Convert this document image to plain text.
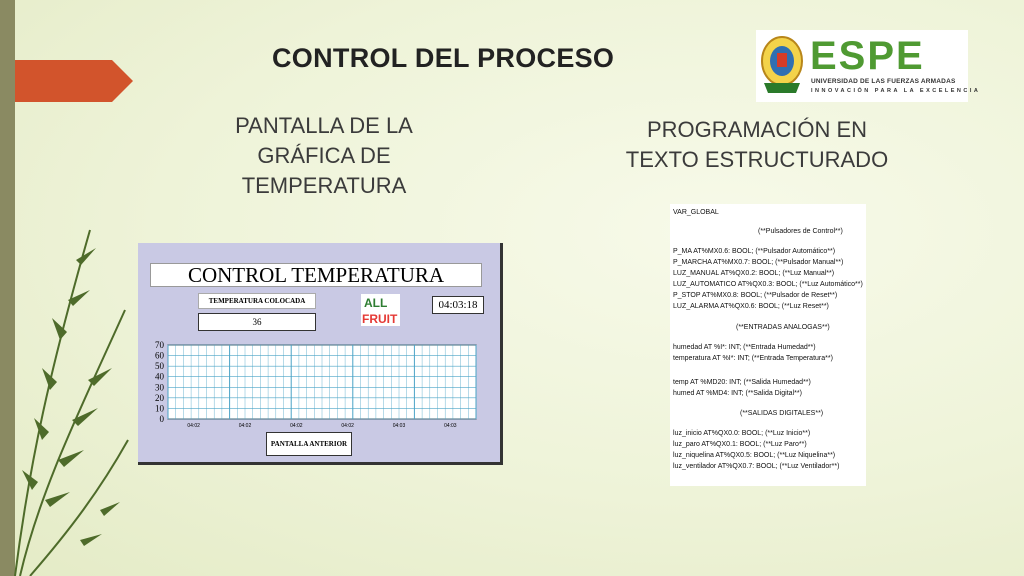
CONTROL DEL PROCESO	ESPE
UNIVERSIDAD DE LAS FUERZAS ARMADAS
INNOVACIÓN PARA LA EXCELENCIA
PANTALLA DE LA
GRÁFICA DE
TEMPERATURA
PROGRAMACIÓN EN
TEXTO ESTRUCTURADO
CONTROL TEMPERATURA
TEMPERATURA COLOCADA
36
ALL
FRUIT
04:03:18
70
60
50
40
30
20
10
0
04:02	04:02	04:02	04:02	04:03	04:03
PANTALLA ANTERIOR
VAR_GLOBAL
(**Pulsadores de Control**)
P_MA AT%MX0.6: BOOL; (**Pulsador Automático**)
P_MARCHA AT%MX0.7: BOOL; (**Pulsador Manual**)
LUZ_MANUAL AT%QX0.2: BOOL; (**Luz Manual**)
LUZ_AUTOMATICO AT%QX0.3: BOOL; (**Luz Automático**)
P_STOP AT%MX0.8: BOOL; (**Pulsador de Reset**)
LUZ_ALARMA AT%QX0.6: BOOL; (**Luz Reset**)
(**ENTRADAS ANALOGAS**)
humedad AT %I*: INT; (**Entrada Humedad**)
temperatura AT %I*: INT; (**Entrada Temperatura**)
temp AT %MD20: INT; (**Salida Humedad**)
humed AT %MD4: INT; (**Salida Digital**)
(**SALIDAS DIGITALES**)
luz_inicio AT%QX0.0: BOOL; (**Luz Inicio**)
luz_paro AT%QX0.1: BOOL; (**Luz Paro**)
luz_niquelina AT%QX0.5: BOOL; (**Luz Niquelina**)
luz_ventilador AT%QX0.7: BOOL; (**Luz Ventilador**)
